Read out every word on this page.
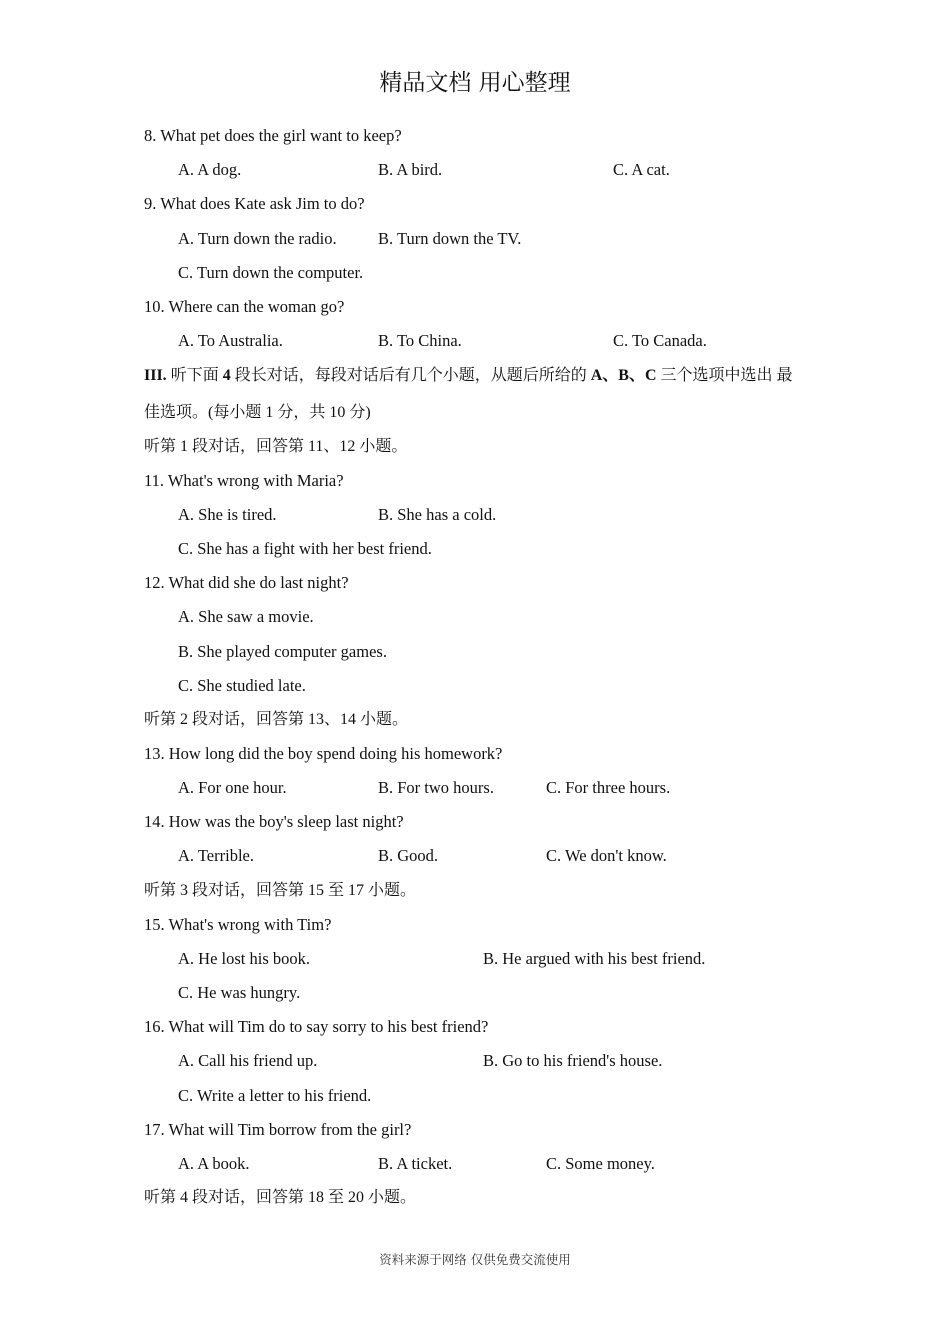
精品文档 用心整理
8. What pet does the girl want to keep?
A. A dog.	B. A bird.	C. A cat.
9. What does Kate ask Jim to do?
A. Turn down the radio.	B. Turn down the TV.
C. Turn down the computer.
10. Where can the woman go?
A. To Australia.	B. To China.	C. To Canada.
III. 听下面 4 段长对话，每段对话后有几个小题，从题后所给的 A、B、C 三个选项中选出 最
佳选项。(每小题 1 分，共 10 分)
听第 1 段对话，回答第 11、12 小题。
11. What's wrong with Maria?
A. She is tired.	B. She has a cold.
C. She has a fight with her best friend.
12. What did she do last night?
A. She saw a movie.
B. She played computer games.
C. She studied late.
听第 2 段对话，回答第 13、14 小题。
13. How long did the boy spend doing his homework?
A. For one hour.	B. For two hours.	C. For three hours.
14. How was the boy's sleep last night?
A. Terrible.	B. Good.	C. We don't know.
听第 3 段对话，回答第 15 至 17 小题。
15. What's wrong with Tim?
A. He lost his book.	B. He argued with his best friend.
C. He was hungry.
16. What will Tim do to say sorry to his best friend?
A. Call his friend up.	B. Go to his friend's house.
C. Write a letter to his friend.
17. What will Tim borrow from the girl?
A. A book.	B. A ticket.	C. Some money.
听第 4 段对话，回答第 18 至 20 小题。
资料来源于网络 仅供免费交流使用
